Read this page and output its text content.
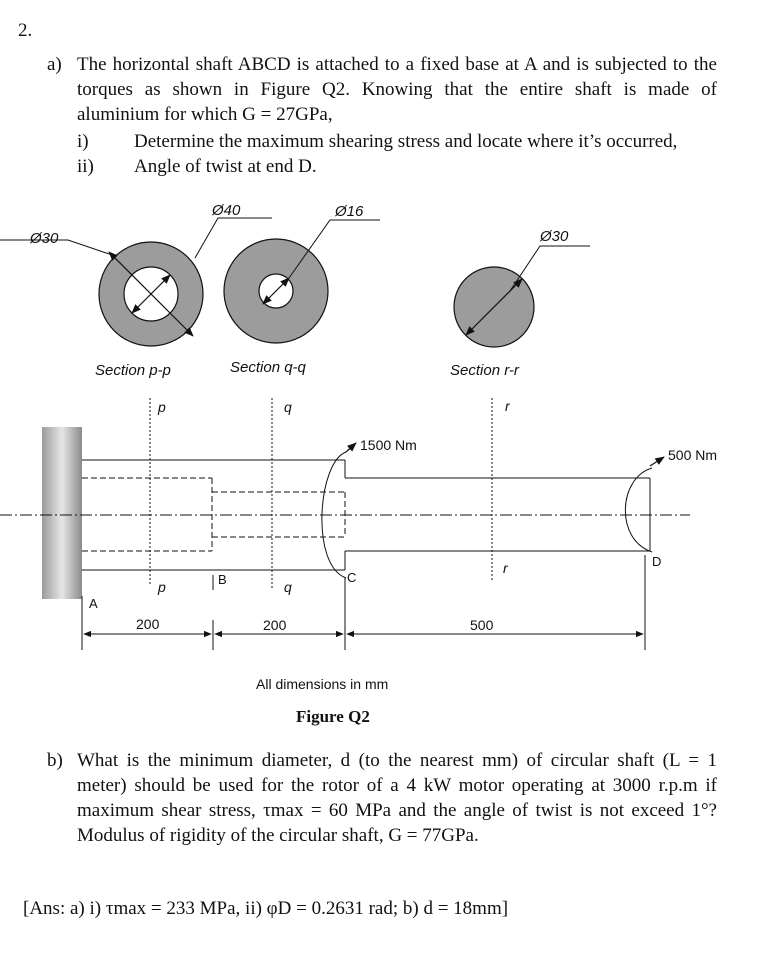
2.
a) The horizontal shaft ABCD is attached to a fixed base at A and is subjected to the
torques as shown in Figure Q2. Knowing that the entire shaft is made of
aluminium for which G = 27GPa,
i) Determine the maximum shearing stress and locate where it’s occurred,
ii) Angle of twist at end D.
Ø30
Section p-p
Ø40	Ø16
Section q-q
Ø30
Section r-r
1500 Nm
500 Nm
p
p
q
q
r
r
A
B	C
D
200	200	500
All dimensions in mm
Figure Q2
b) What is the minimum diameter, d (to the nearest mm) of circular shaft (L = 1
meter) should be used for the rotor of a 4 kW motor operating at 3000 r.p.m if
maximum shear stress, τmax = 60 MPa and the angle of twist is not exceed 1°?
Modulus of rigidity of the circular shaft, G = 77GPa.
[Ans: a) i) τmax = 233 MPa, ii) φD = 0.2631 rad; b) d = 18mm]
